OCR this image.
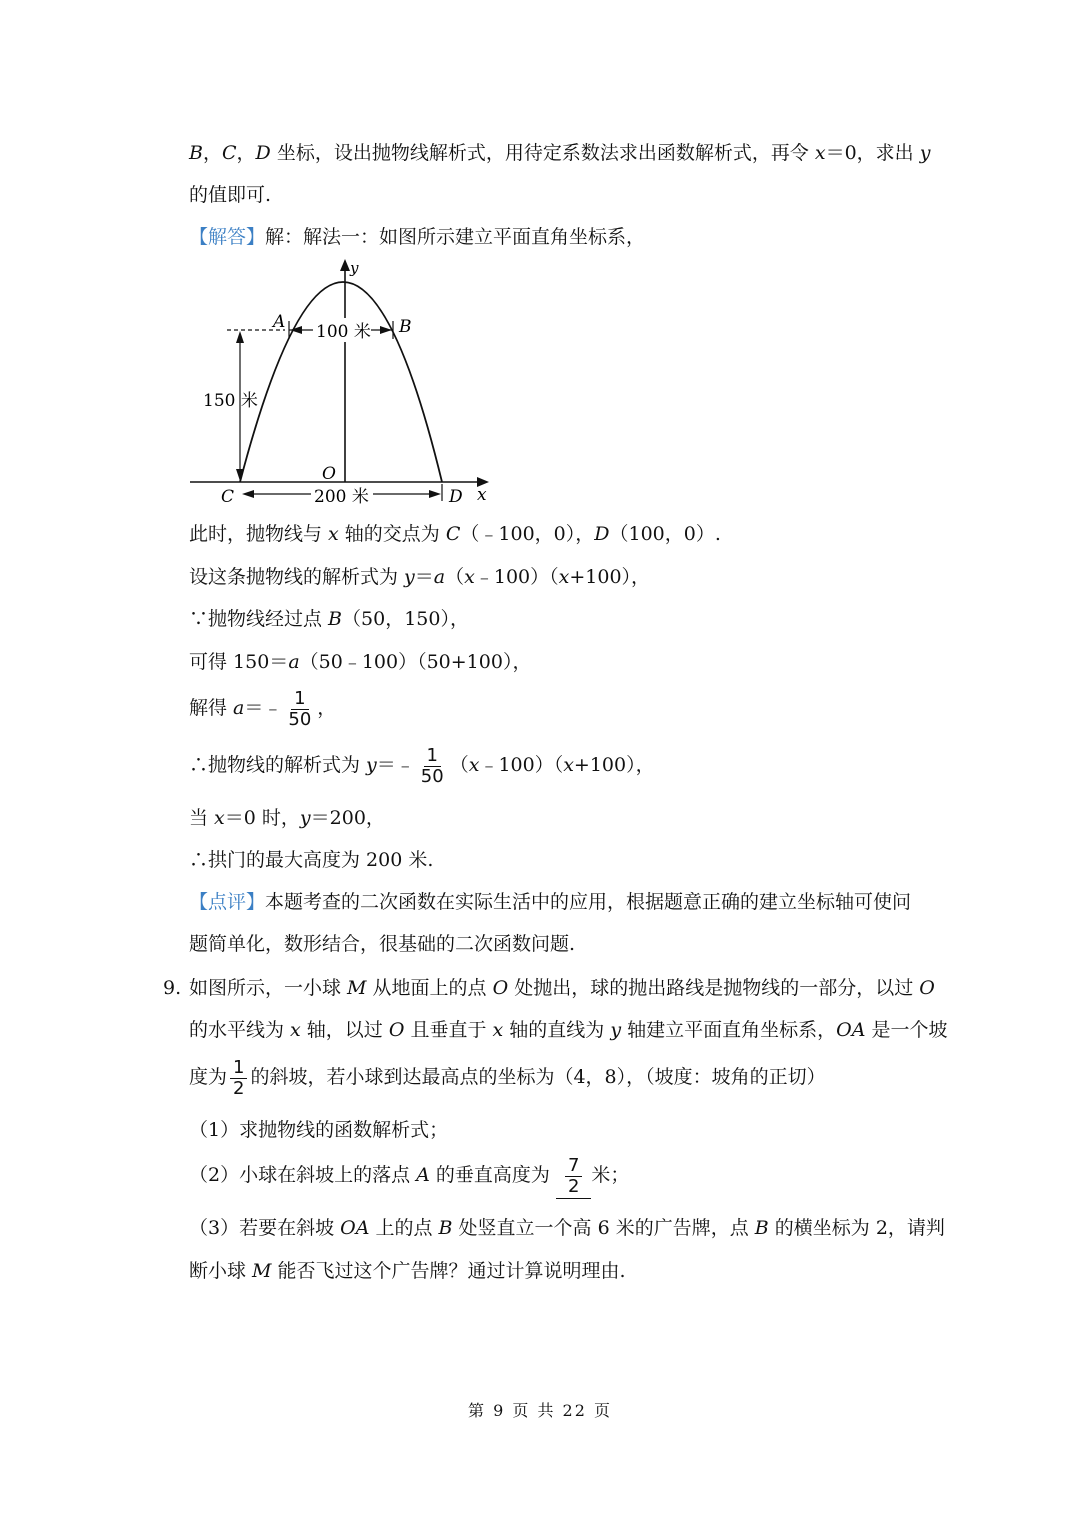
B，C，D 坐标，设出抛物线解析式，用待定系数法求出函数解析式，再令 x＝0，求出 y
的值即可.
【解答】解：解法一：如图所示建立平面直角坐标系，
y
x
A	B
C	D
O
100 米
150 米
200 米
此时，抛物线与 x 轴的交点为 C（﹣100，0），D（100，0）.
设这条抛物线的解析式为 y＝a（x﹣100）（x+100），
∵抛物线经过点 B（50，150），
可得 150＝a（50﹣100）（50+100），
解得 a＝﹣ $\frac{1}{50}$ ，
∴抛物线的解析式为 y＝﹣ $\frac{1}{50}$ （x﹣100）（x+100），
当 x＝0 时，y＝200，
∴拱门的最大高度为 200 米.
【点评】本题考查的二次函数在实际生活中的应用，根据题意正确的建立坐标轴可使问
题简单化，数形结合，很基础的二次函数问题.
9. 如图所示，一小球 M 从地面上的点 O 处抛出，球的抛出路线是抛物线的一部分，以过 O
的水平线为 x 轴，以过 O 且垂直于 x 轴的直线为 y 轴建立平面直角坐标系，OA 是一个坡
度为 $\frac{1}{2}$ 的斜坡，若小球到达最高点的坐标为（4，8），（坡度：坡角的正切）
（1）求抛物线的函数解析式；
（2）小球在斜坡上的落点 A 的垂直高度为 $\frac{7}{2}$ 米；
（3）若要在斜坡 OA 上的点 B 处竖直立一个高 6 米的广告牌，点 B 的横坐标为 2，请判
断小球 M 能否飞过这个广告牌？通过计算说明理由.
第 9 页 共 22 页
